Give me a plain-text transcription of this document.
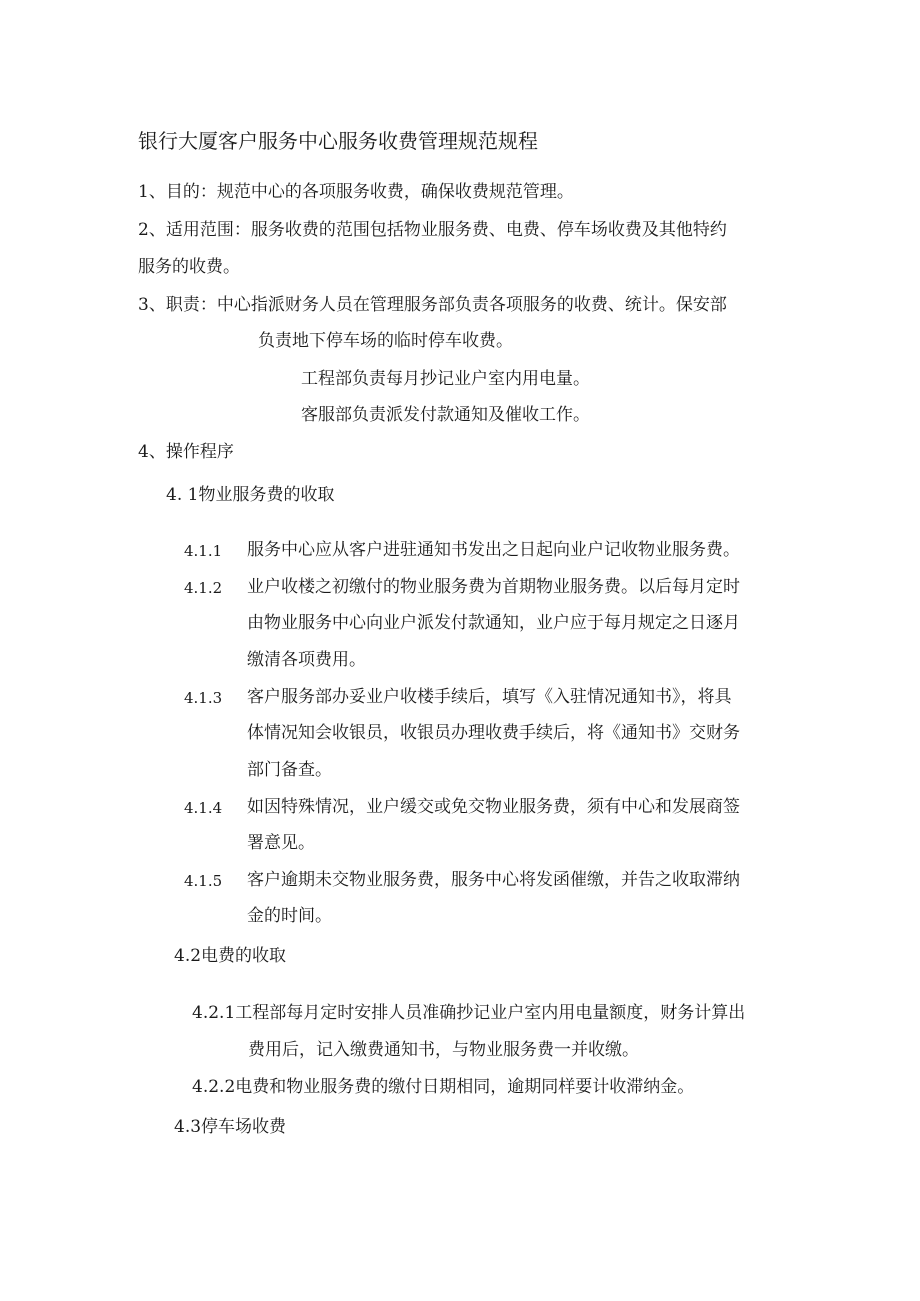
银行大厦客户服务中心服务收费管理规范规程
1、目的：规范中心的各项服务收费，确保收费规范管理。
2、适用范围：服务收费的范围包括物业服务费、电费、停车场收费及其他特约
服务的收费。
3、职责：中心指派财务人员在管理服务部负责各项服务的收费、统计。保安部
负责地下停车场的临时停车收费。
工程部负责每月抄记业户室内用电量。
客服部负责派发付款通知及催收工作。
4、操作程序
4. 1物业服务费的收取
4.1.1 服务中心应从客户进驻通知书发出之日起向业户记收物业服务费。
4.1.2 业户收楼之初缴付的物业服务费为首期物业服务费。以后每月定时
由物业服务中心向业户派发付款通知，业户应于每月规定之日逐月
缴清各项费用。
4.1.3 客户服务部办妥业户收楼手续后，填写《入驻情况通知书》，将具
体情况知会收银员，收银员办理收费手续后，将《通知书》交财务
部门备查。
4.1.4 如因特殊情况，业户缓交或免交物业服务费，须有中心和发展商签
署意见。
4.1.5 客户逾期未交物业服务费，服务中心将发函催缴，并告之收取滞纳
金的时间。
4.2电费的收取
4.2.1工程部每月定时安排人员准确抄记业户室内用电量额度，财务计算出
费用后，记入缴费通知书，与物业服务费一并收缴。
4.2.2电费和物业服务费的缴付日期相同，逾期同样要计收滞纳金。
4.3停车场收费
